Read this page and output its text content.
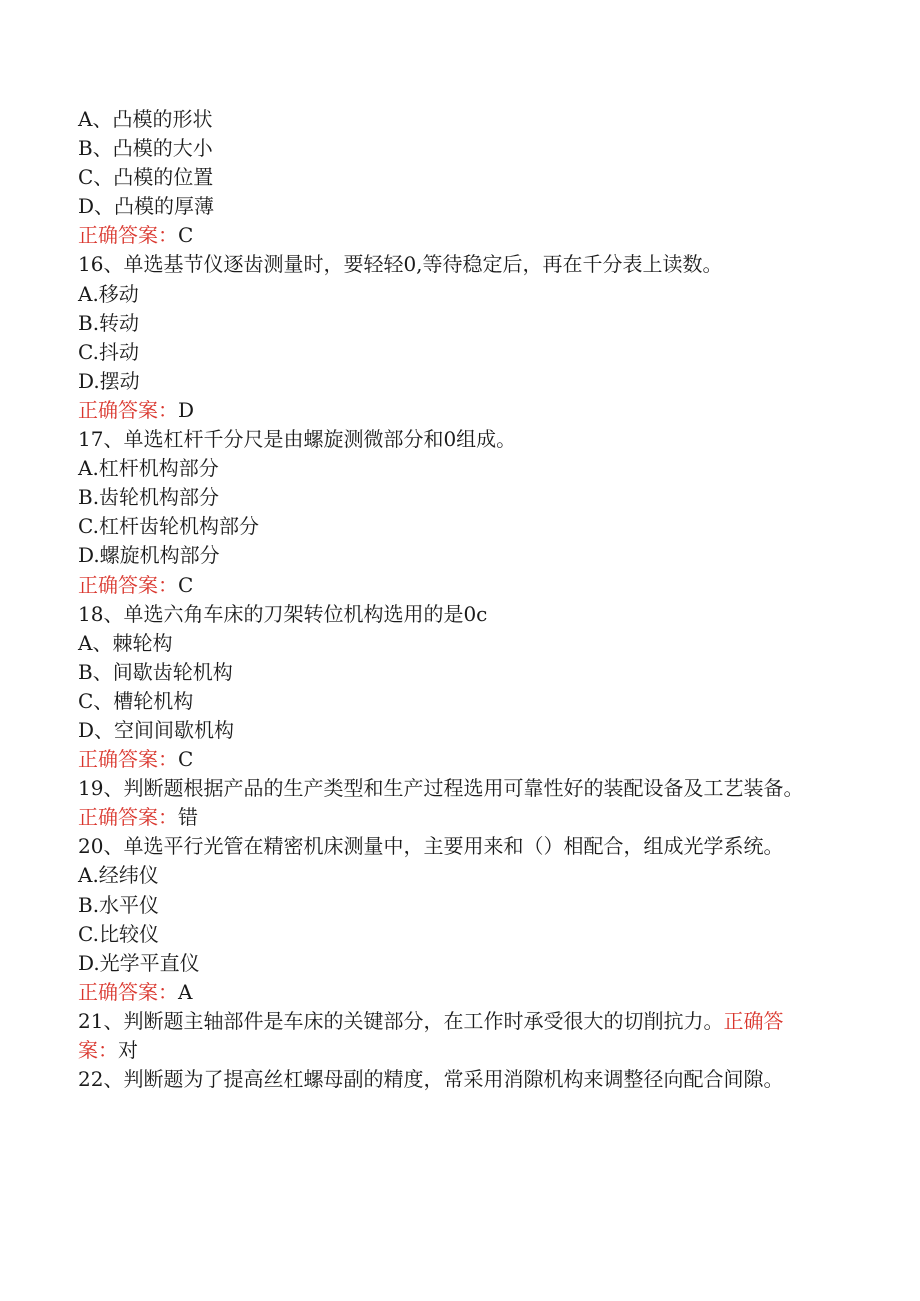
A、凸模的形状
B、凸模的大小
C、凸模的位置
D、凸模的厚薄
正确答案：C
16、单选基节仪逐齿测量时，要轻轻0,等待稳定后，再在千分表上读数。
A.移动
B.转动
C.抖动
D.摆动
正确答案：D
17、单选杠杆千分尺是由螺旋测微部分和0组成。
A.杠杆机构部分
B.齿轮机构部分
C.杠杆齿轮机构部分
D.螺旋机构部分
正确答案：C
18、单选六角车床的刀架转位机构选用的是0c
A、棘轮构
B、间歇齿轮机构
C、槽轮机构
D、空间间歇机构
正确答案：C
19、判断题根据产品的生产类型和生产过程选用可靠性好的装配设备及工艺装备。
正确答案：错
20、单选平行光管在精密机床测量中，主要用来和（）相配合，组成光学系统。
A.经纬仪
B.水平仪
C.比较仪
D.光学平直仪
正确答案：A
21、判断题主轴部件是车床的关键部分，在工作时承受很大的切削抗力。正确答案：对
22、判断题为了提高丝杠螺母副的精度，常采用消隙机构来调整径向配合间隙。
